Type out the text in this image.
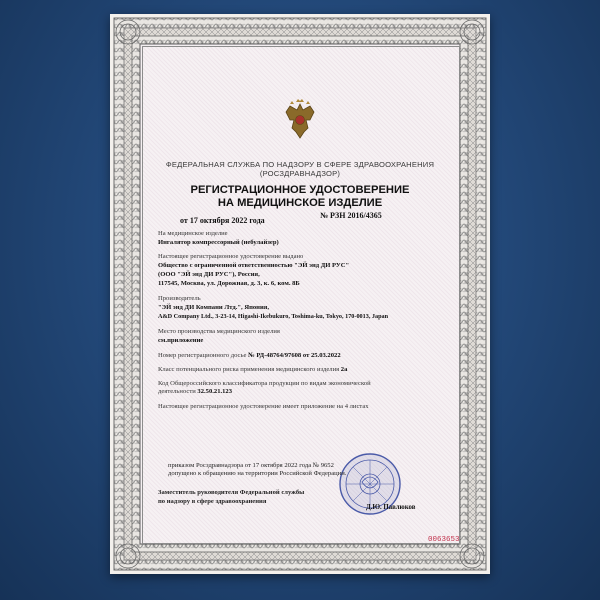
ФЕДЕРАЛЬНАЯ СЛУЖБА ПО НАДЗОРУ В СФЕРЕ ЗДРАВООХРАНЕНИЯ
(РОСЗДРАВНАДЗОР)
РЕГИСТРАЦИОННОЕ УДОСТОВЕРЕНИЕ
НА МЕДИЦИНСКОЕ ИЗДЕЛИЕ
№ РЗН 2016/4365
от 17 октября 2022 года
На медицинское изделие
Ингалятор компрессорный (небулайзер)
Настоящее регистрационное удостоверение выдано
Общество с ограниченной ответственностью "ЭЙ энд ДИ РУС"
(ООО "ЭЙ энд ДИ РУС"), Россия,
117545, Москва, ул. Дорожная, д. 3, к. 6, ком. 8Б
Производитель
"ЭЙ энд ДИ Компани Лтд.", Япония,
A&D Company Ltd., 3-23-14, Higashi-Ikebukuro, Toshima-ku, Tokyo, 170-0013, Japan
Место производства медицинского изделия
см.приложение
Номер регистрационного досье № РД-48764/97608 от 25.03.2022
Класс потенциального риска применения медицинского изделия 2а
Код Общероссийского классификатора продукции по видам экономической
деятельности 32.50.21.123
Настоящее регистрационное удостоверение имеет приложение на 4 листах
приказом Росздравнадзора от 17 октября 2022 года № 9652
допущено к обращению на территории Российской Федерации.
Заместитель руководителя Федеральной службы
по надзору в сфере здравоохранения
Д.Ю. Павлюков
0063653
